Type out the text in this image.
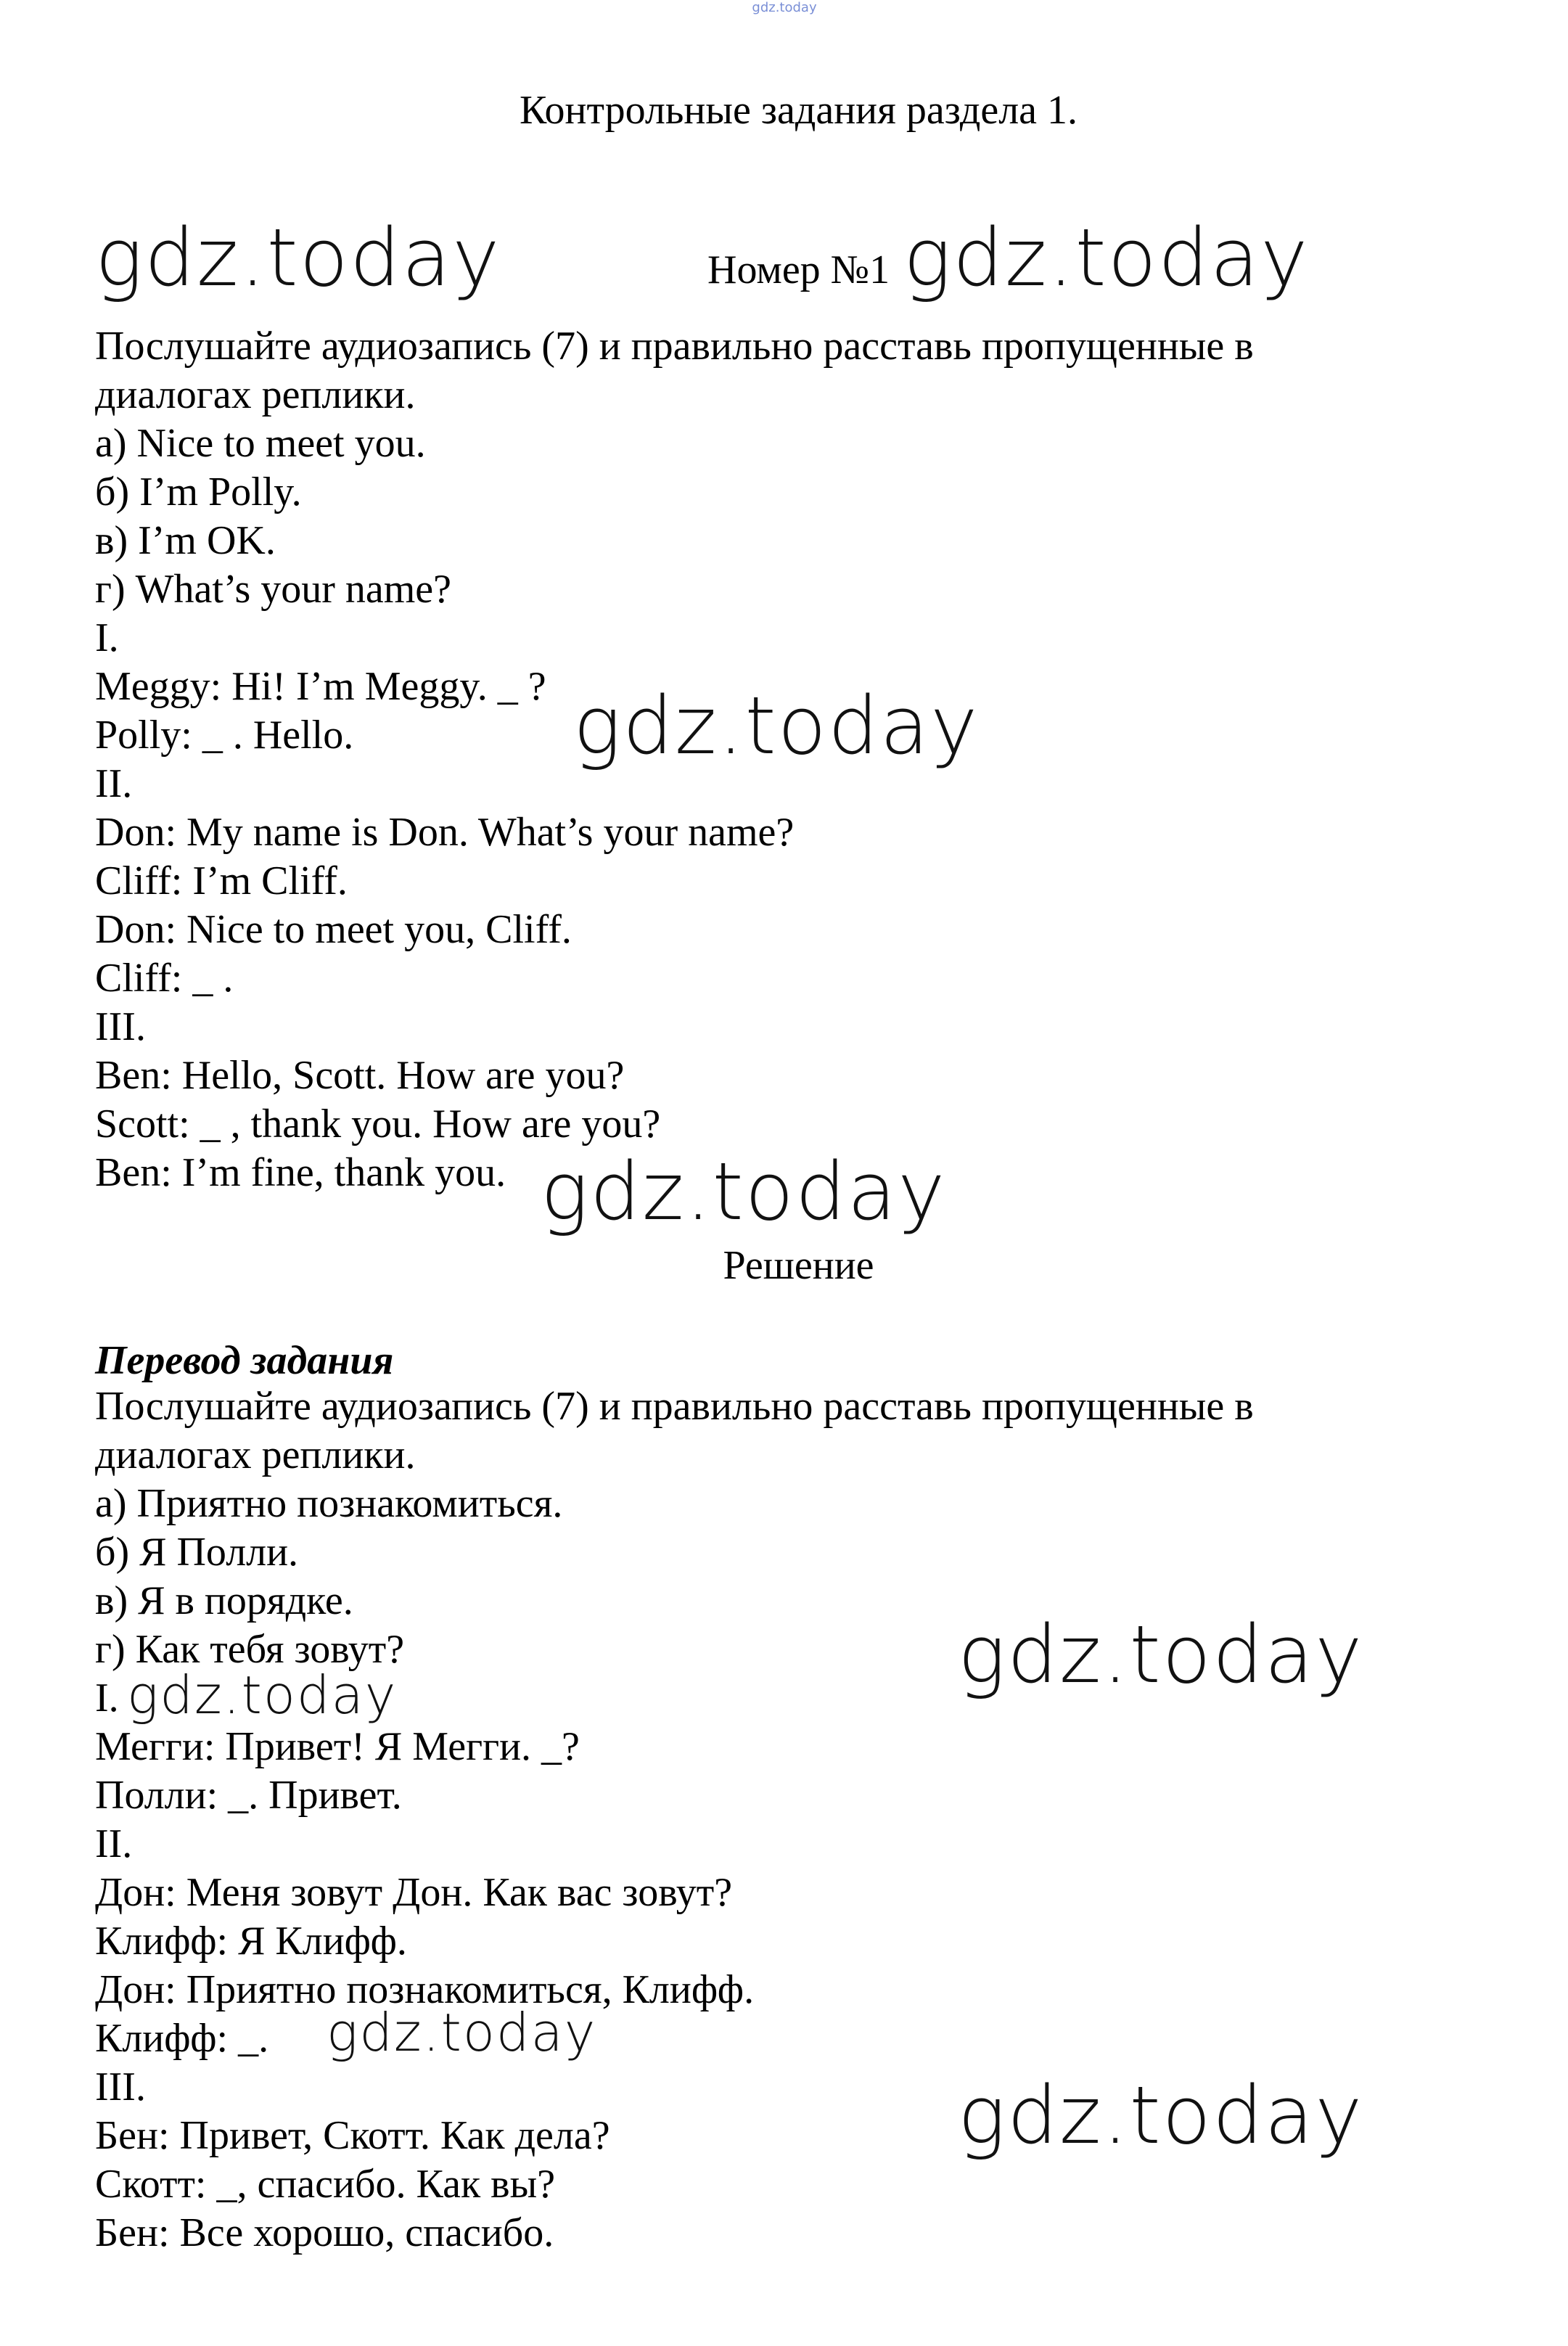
gdz.today
Контрольные задания раздела 1.
gdz.today	Номер №1 gdz.today
Послушайте аудиозапись (7) и правильно расставь пропущенные в
диалогах реплики.
а) Nice to meet you.
б) I’m Polly.
в) I’m OK.
г) What’s your name?
I.
Meggy: Hi! I’m Meggy. _ ?
Polly: _ . Hello.
II.
Don: My name is Don. What’s your name?
Cliff: I’m Cliff.
Don: Nice to meet you, Cliff.
Cliff: _ .
III.
Ben: Hello, Scott. How are you?
Scott: _ , thank you. How are you?
Ben: I’m fine, thank you.
gdz.today
gdz.today
Решение
Перевод задания
Послушайте аудиозапись (7) и правильно расставь пропущенные в
диалогах реплики.
а) Приятно познакомиться.
б) Я Полли.
в) Я в порядке.
г) Как тебя зовут?
I.
Мегги: Привет! Я Мегги. _?
Полли: _. Привет.
II.
Дон: Меня зовут Дон. Как вас зовут?
Клифф: Я Клифф.
Дон: Приятно познакомиться, Клифф.
Клифф: _.
III.
Бен: Привет, Скотт. Как дела?
Скотт: _, спасибо. Как вы?
Бен: Все хорошо, спасибо.
gdz.today
gdz.today
gdz.today
gdz.today
